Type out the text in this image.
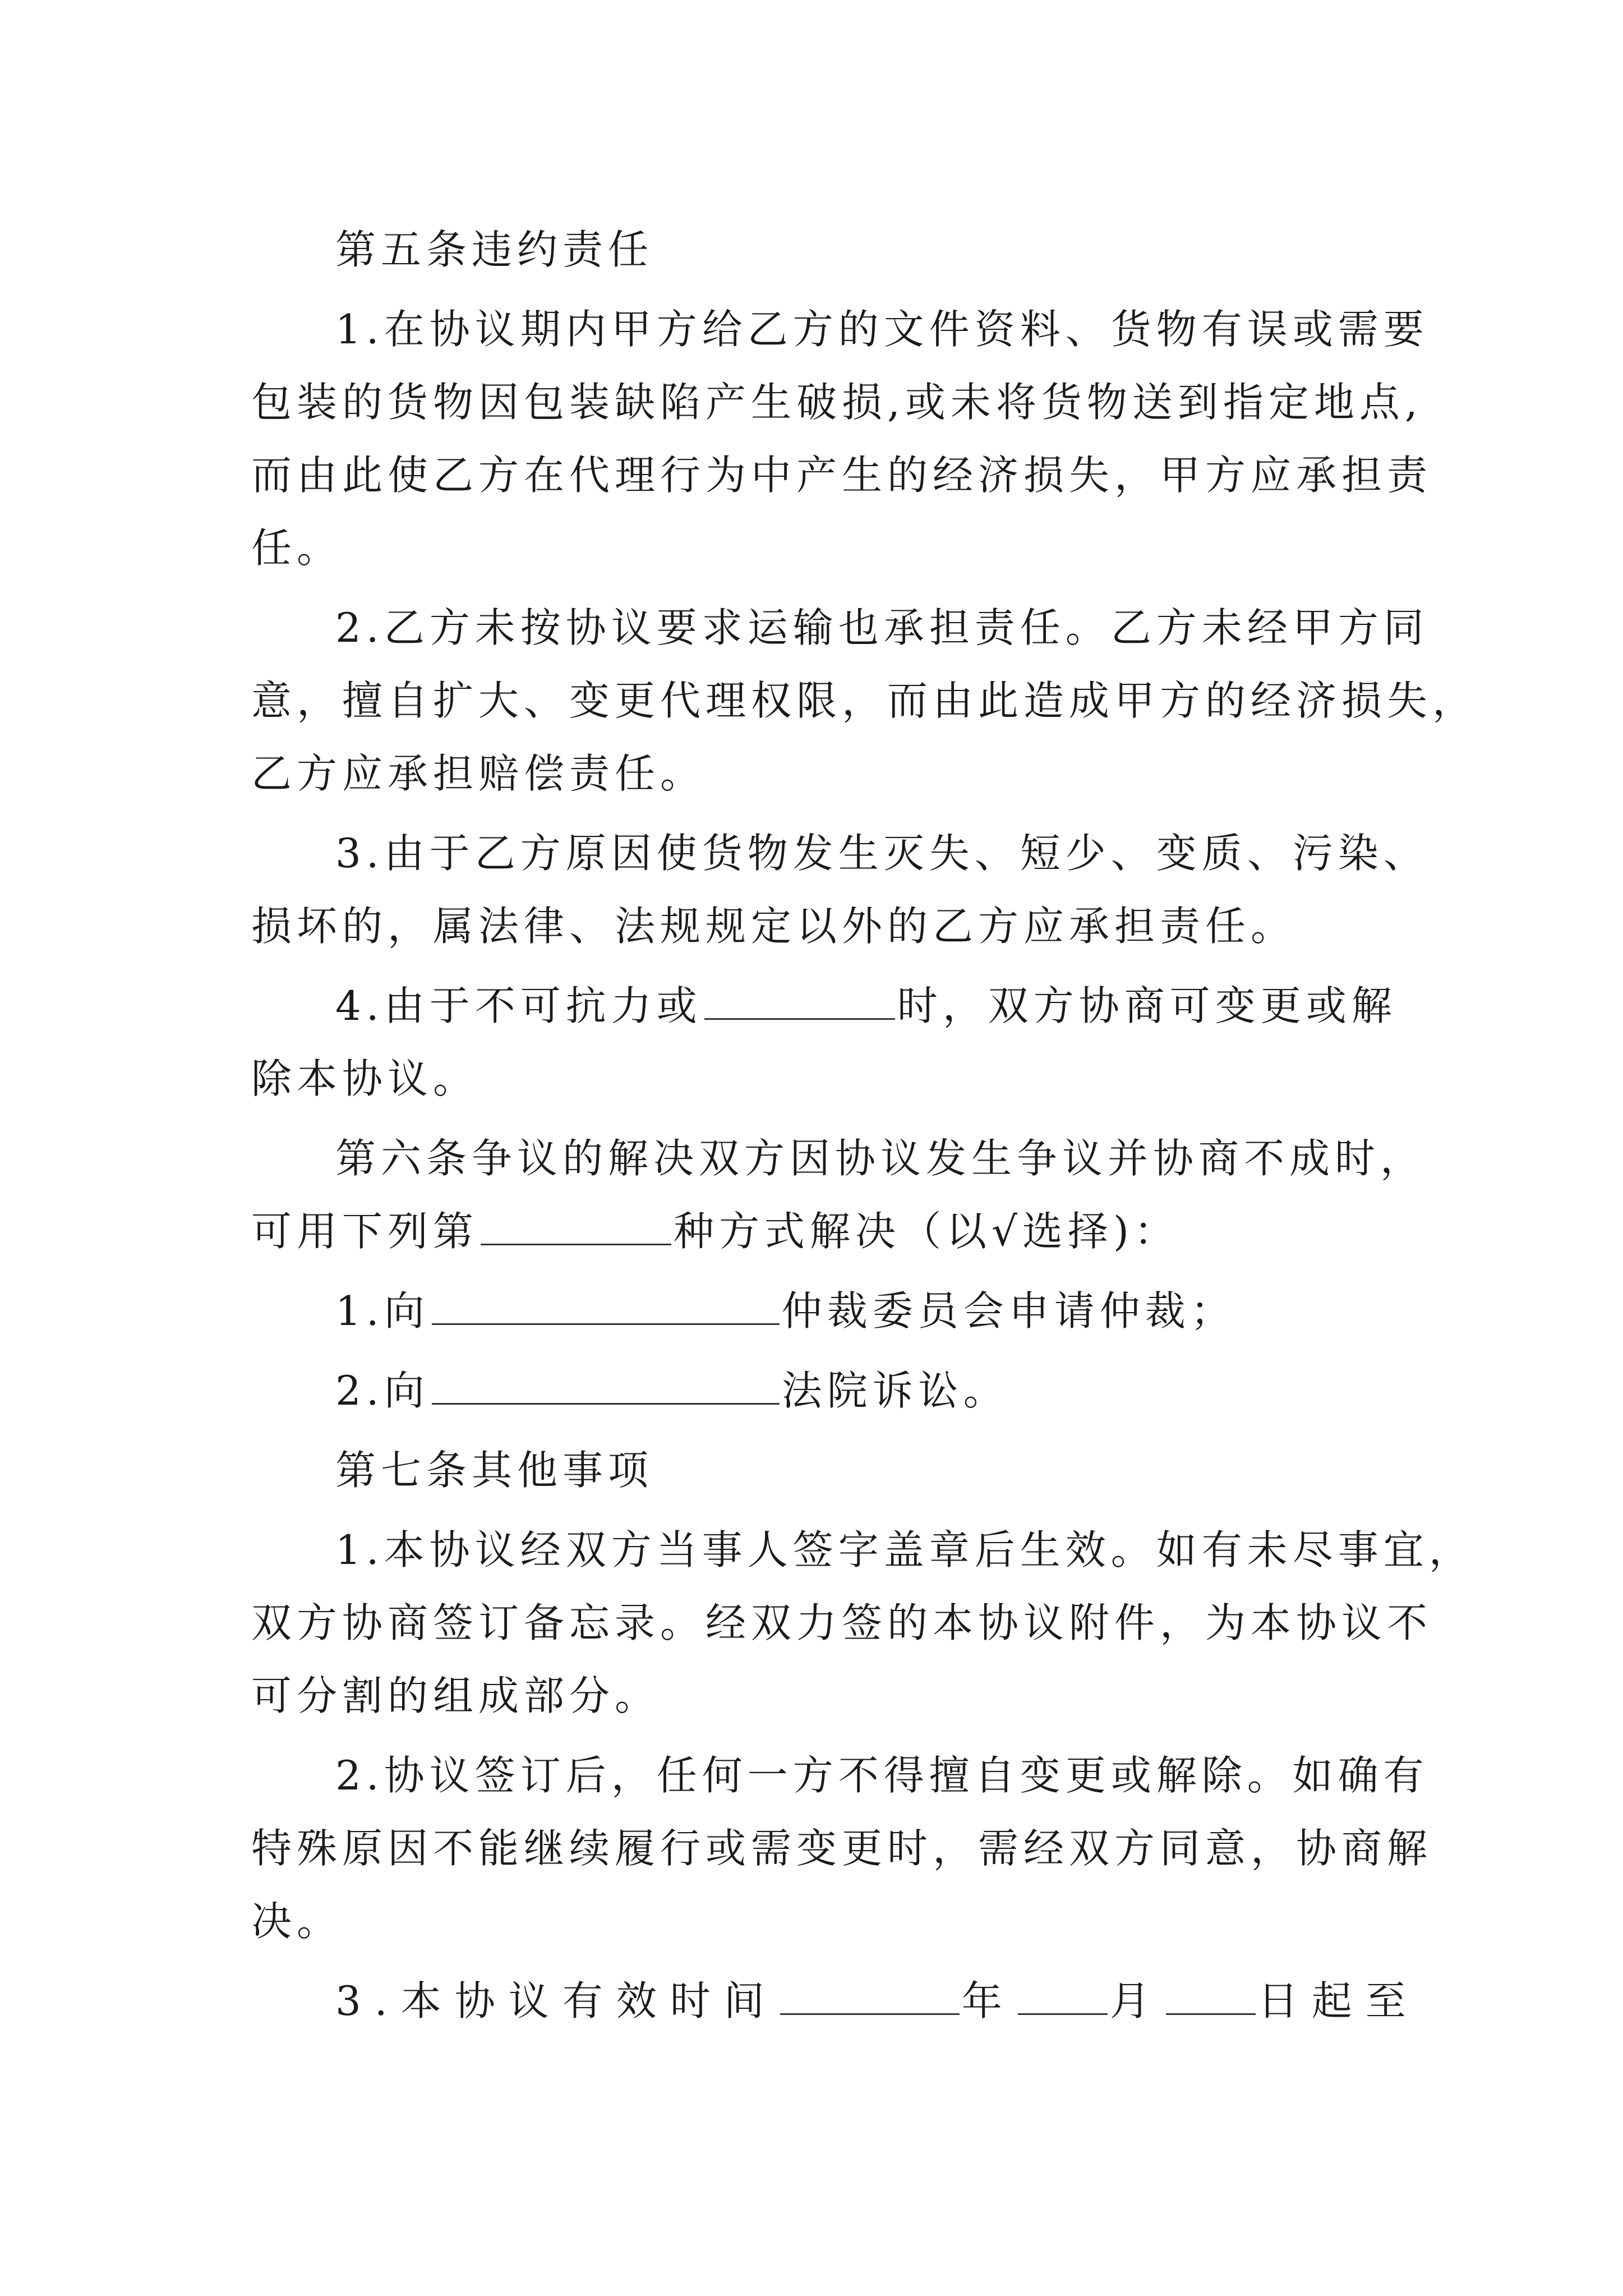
第五条违约责任
1.在协议期内甲方给乙方的文件资料、货物有误或需要
包装的货物因包装缺陷产生破损,或未将货物送到指定地点,
而由此使乙方在代理行为中产生的经济损失，甲方应承担责
任。
2.乙方未按协议要求运输也承担责任。乙方未经甲方同
意，擅自扩大、变更代理权限，而由此造成甲方的经济损失，
乙方应承担赔偿责任。
3.由于乙方原因使货物发生灭失、短少、变质、污染、
损坏的，属法律、法规规定以外的乙方应承担责任。
4.由于不可抗力或	时，双方协商可变更或解
除本协议。
第六条争议的解决双方因协议发生争议并协商不成时，
可用下列第	种方式解决（以√选择)：
1.向	仲裁委员会申请仲裁；
2.向	法院诉讼。
第七条其他事项
1.本协议经双方当事人签字盖章后生效。如有未尽事宜，
双方协商签订备忘录。经双力签的本协议附件，为本协议不
可分割的组成部分。
2.协议签订后，任何一方不得擅自变更或解除。如确有
特殊原因不能继续履行或需变更时，需经双方同意，协商解
决。
3.本协议有效时间	年 月 日起至
